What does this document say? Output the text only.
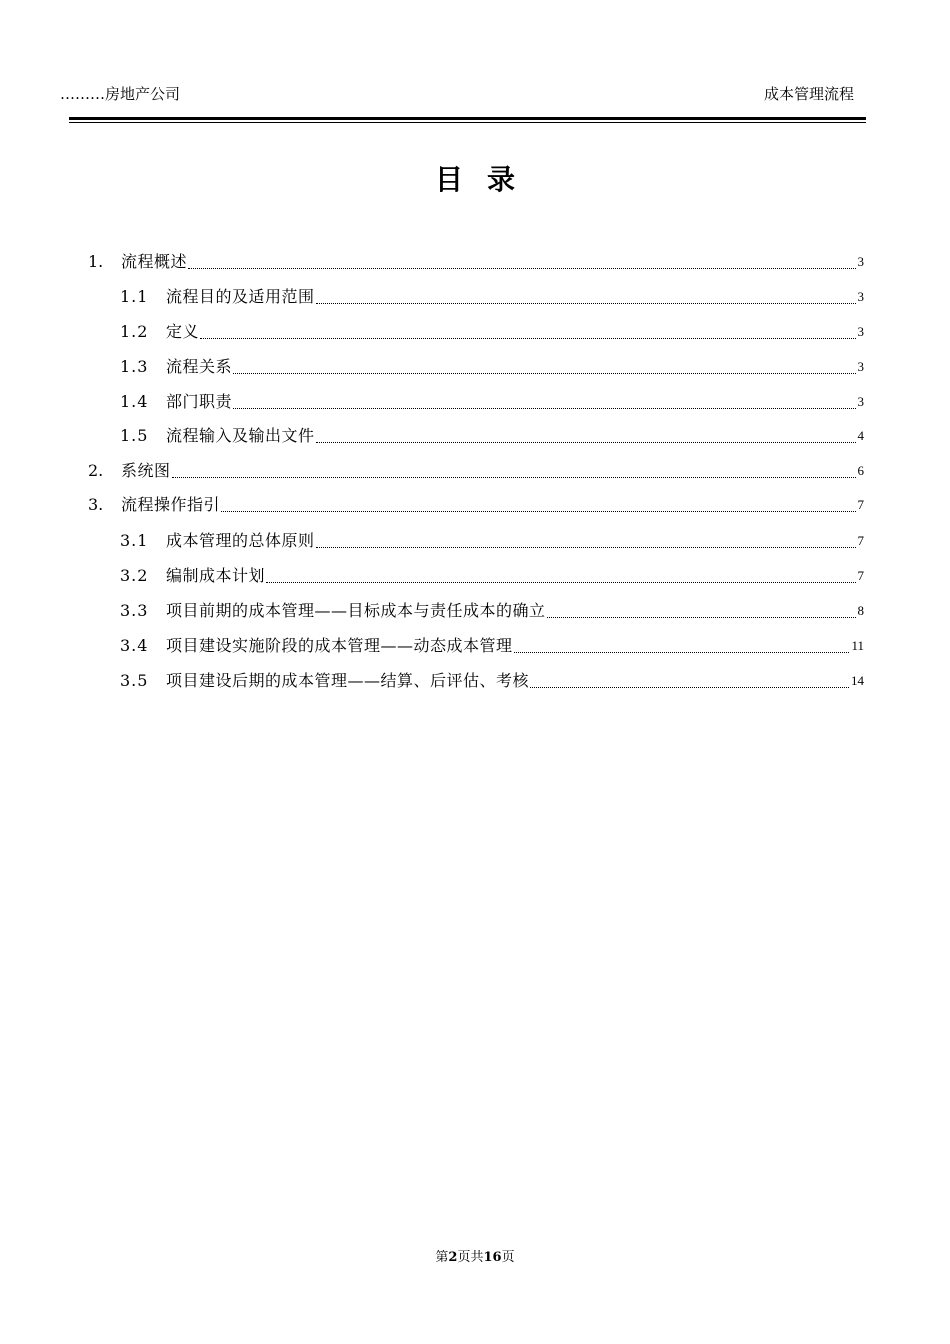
………房地产公司	成本管理流程
目录
1.	流程概述	3
1.1	流程目的及适用范围	3
1.2	定义	3
1.3	流程关系	3
1.4	部门职责	3
1.5	流程输入及输出文件	4
2.	系统图	6
3.	流程操作指引	7
3.1	成本管理的总体原则	7
3.2	编制成本计划	7
3.3	项目前期的成本管理——目标成本与责任成本的确立	8
3.4	项目建设实施阶段的成本管理——动态成本管理	11
3.5	项目建设后期的成本管理——结算、后评估、考核	14
第2页共16页
